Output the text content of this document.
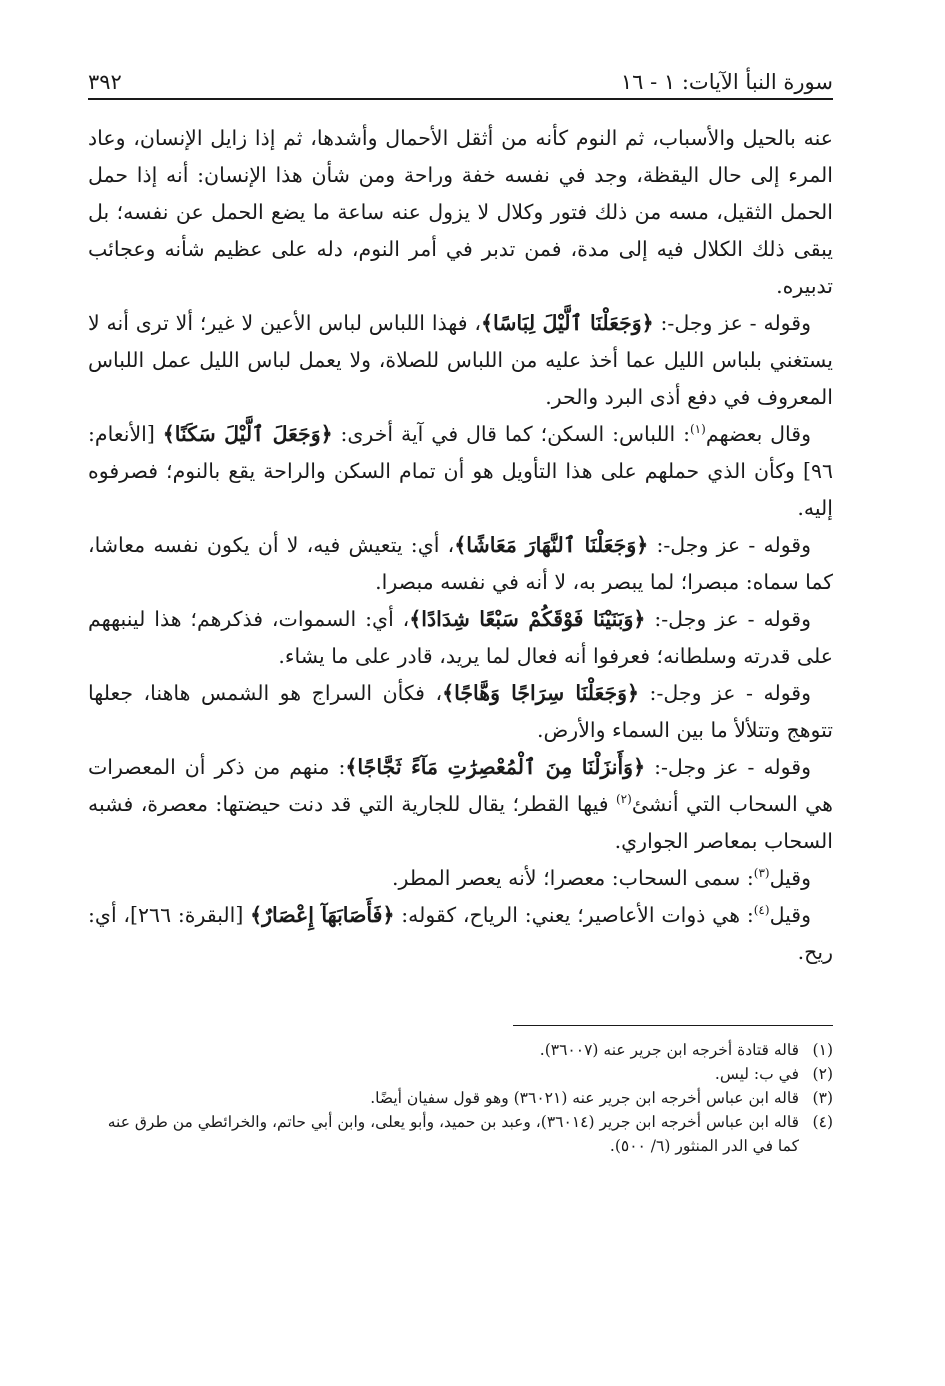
سورة النبأ الآيات: ١ - ١٦
٣٩٢

عنه بالحيل والأسباب، ثم النوم كأنه من أثقل الأحمال وأشدها، ثم إذا زايل الإنسان، وعاد المرء إلى حال اليقظة، وجد في نفسه خفة وراحة ومن شأن هذا الإنسان: أنه إذا حمل الحمل الثقيل، مسه من ذلك فتور وكلال لا يزول عنه ساعة ما يضع الحمل عن نفسه؛ بل يبقى ذلك الكلال فيه إلى مدة، فمن تدبر في أمر النوم، دله على عظيم شأنه وعجائب تدبيره.

وقوله - عز وجل-: ﴿وَجَعَلْنَا ٱلَّيْلَ لِبَاسًا﴾، فهذا اللباس لباس الأعين لا غير؛ ألا ترى أنه لا يستغني بلباس الليل عما أخذ عليه من اللباس للصلاة، ولا يعمل لباس الليل عمل اللباس المعروف في دفع أذى البرد والحر.

وقال بعضهم$^{(١)}$: اللباس: السكن؛ كما قال في آية أخرى: ﴿وَجَعَلَ ٱلَّيْلَ سَكَنًا﴾ [الأنعام: ٩٦] وكأن الذي حملهم على هذا التأويل هو أن تمام السكن والراحة يقع بالنوم؛ فصرفوه إليه.

وقوله - عز وجل-: ﴿وَجَعَلْنَا ٱلنَّهَارَ مَعَاشًا﴾، أي: يتعيش فيه، لا أن يكون نفسه معاشا، كما سماه: مبصرا؛ لما يبصر به، لا أنه في نفسه مبصرا.

وقوله - عز وجل-: ﴿وَبَنَيْنَا فَوْقَكُمْ سَبْعًا شِدَادًا﴾، أي: السموات، فذكرهم؛ هذا لينبههم على قدرته وسلطانه؛ فعرفوا أنه فعال لما يريد، قادر على ما يشاء.

وقوله - عز وجل-: ﴿وَجَعَلْنَا سِرَاجًا وَهَّاجًا﴾، فكأن السراج هو الشمس هاهنا، جعلها تتوهج وتتلألأ ما بين السماء والأرض.

وقوله - عز وجل-: ﴿وَأَنزَلْنَا مِنَ ٱلْمُعْصِرَٰتِ مَآءً ثَجَّاجًا﴾: منهم من ذكر أن المعصرات هي السحاب التي أنشئ$^{(٢)}$ فيها القطر؛ يقال للجارية التي قد دنت حيضتها: معصرة، فشبه السحاب بمعاصر الجواري.

وقيل$^{(٣)}$: سمى السحاب: معصرا؛ لأنه يعصر المطر.

وقيل$^{(٤)}$: هي ذوات الأعاصير؛ يعني: الرياح، كقوله: ﴿فَأَصَابَهَآ إِعْصَارٌ﴾ [البقرة: ٢٦٦]، أي: ريح.

(١)
قاله قتادة أخرجه ابن جرير عنه (٣٦٠٠٧).
(٢)
في ب: ليس.
(٣)
قاله ابن عباس أخرجه ابن جرير عنه (٣٦٠٢١) وهو قول سفيان أيضًا.
(٤)
قاله ابن عباس أخرجه ابن جرير (٣٦٠١٤)، وعبد بن حميد، وأبو يعلى، وابن أبي حاتم، والخرائطي من طرق عنه كما في الدر المنثور (٦/ ٥٠٠).
